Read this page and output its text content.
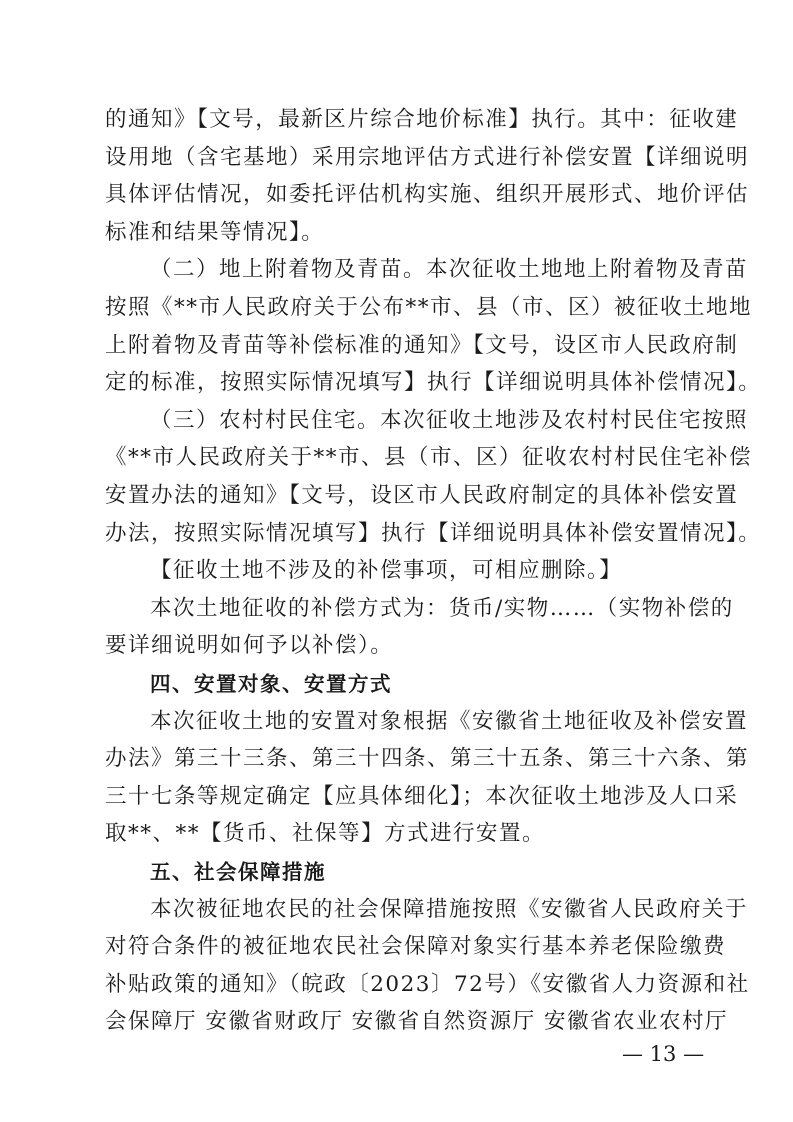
的通知》【文号，最新区片综合地价标准】执行。其中：征收建
设用地（含宅基地）采用宗地评估方式进行补偿安置【详细说明
具体评估情况，如委托评估机构实施、组织开展形式、地价评估
标准和结果等情况】。
（二）地上附着物及青苗。本次征收土地地上附着物及青苗
按照《**市人民政府关于公布**市、县（市、区）被征收土地地
上附着物及青苗等补偿标准的通知》【文号，设区市人民政府制
定的标准，按照实际情况填写】执行【详细说明具体补偿情况】。
（三）农村村民住宅。本次征收土地涉及农村村民住宅按照
《**市人民政府关于**市、县（市、区）征收农村村民住宅补偿
安置办法的通知》【文号，设区市人民政府制定的具体补偿安置
办法，按照实际情况填写】执行【详细说明具体补偿安置情况】。
【征收土地不涉及的补偿事项，可相应删除。】
本次土地征收的补偿方式为：货币/实物……（实物补偿的
要详细说明如何予以补偿）。
四、安置对象、安置方式
本次征收土地的安置对象根据《安徽省土地征收及补偿安置
办法》第三十三条、第三十四条、第三十五条、第三十六条、第
三十七条等规定确定【应具体细化】；本次征收土地涉及人口采
取**、**【货币、社保等】方式进行安置。
五、社会保障措施
本次被征地农民的社会保障措施按照《安徽省人民政府关于
对符合条件的被征地农民社会保障对象实行基本养老保险缴费
补贴政策的通知》（皖政〔2023〕72号）《安徽省人力资源和社
会保障厅 安徽省财政厅 安徽省自然资源厅 安徽省农业农村厅
— 13 —
